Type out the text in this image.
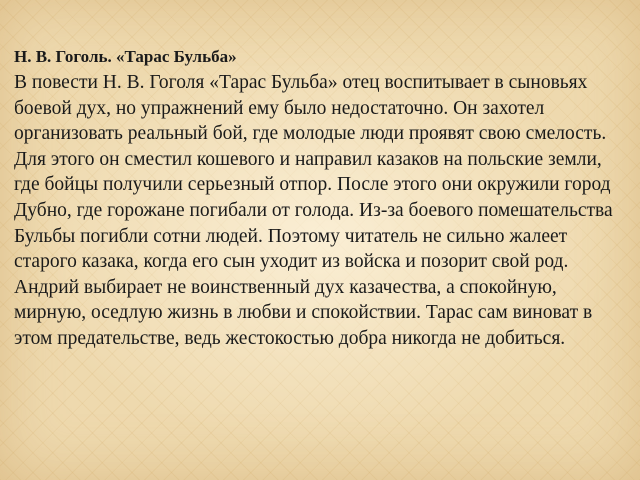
Н. В. Гоголь. «Тарас Бульба»
В повести Н. В. Гоголя «Тарас Бульба» отец воспитывает в сыновьях боевой дух, но упражнений ему было недостаточно. Он захотел организовать реальный бой, где молодые люди проявят свою смелость. Для этого он сместил кошевого и направил казаков на польские земли, где бойцы получили серьезный отпор. После этого они окружили город Дубно, где горожане погибали от голода. Из-за боевого помешательства Бульбы погибли сотни людей. Поэтому читатель не сильно жалеет старого казака, когда его сын уходит из войска и позорит свой род. Андрий выбирает не воинственный дух казачества, а спокойную, мирную, оседлую жизнь в любви и спокойствии. Тарас сам виноват в этом предательстве, ведь жестокостью добра никогда не добиться.
